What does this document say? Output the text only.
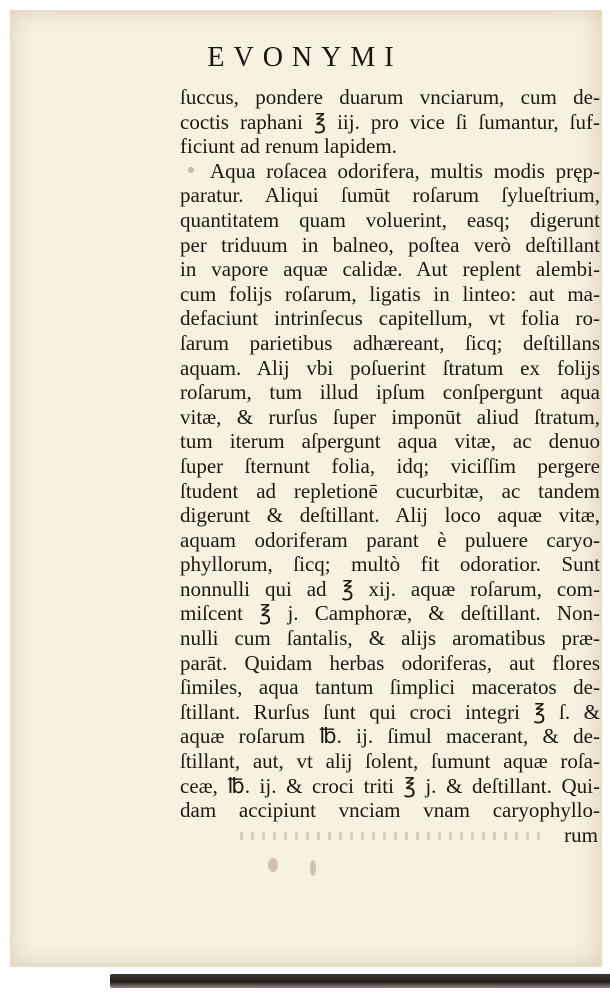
EVONYMI
ſuccus, pondere duarum vnciarum, cum de-
coctis raphani ℥ iij. pro vice ſi ſumantur, ſuf-
ficiunt ad renum lapidem.
Aqua roſacea odorifera, multis modis pręp-
paratur. Aliqui ſumūt roſarum ſylueſtrium,
quantitatem quam voluerint, easq; digerunt
per triduum in balneo, poſtea verò deſtillant
in vapore aquæ calidæ. Aut replent alembi-
cum folijs roſarum, ligatis in linteo: aut ma-
defaciunt intrinſecus capitellum, vt folia ro-
ſarum parietibus adhæreant, ſicq; deſtillans
aquam. Alij vbi poſuerint ſtratum ex folijs
roſarum, tum illud ipſum conſpergunt aqua
vitæ, & rurſus ſuper imponūt aliud ſtratum,
tum iterum aſpergunt aqua vitæ, ac denuo
ſuper ſternunt folia, idq; viciſſim pergere
ſtudent ad repletionē cucurbitæ, ac tandem
digerunt & deſtillant. Alij loco aquæ vitæ,
aquam odoriferam parant è puluere caryo-
phyllorum, ſicq; multò fit odoratior. Sunt
nonnulli qui ad ℥ xij. aquæ roſarum, com-
miſcent ℥ j. Camphoræ, & deſtillant. Non-
nulli cum ſantalis, & alijs aromatibus præ-
parāt. Quidam herbas odoriferas, aut flores
ſimiles, aqua tantum ſimplici maceratos de-
ſtillant. Rurſus ſunt qui croci integri ℥ ſ. &
aquæ roſarum ℔. ij. ſimul macerant, & de-
ſtillant, aut, vt alij ſolent, ſumunt aquæ roſa-
ceæ, ℔. ij. & croci triti ℥ j. & deſtillant. Qui-
dam accipiunt vnciam vnam caryophyllo-
rum
